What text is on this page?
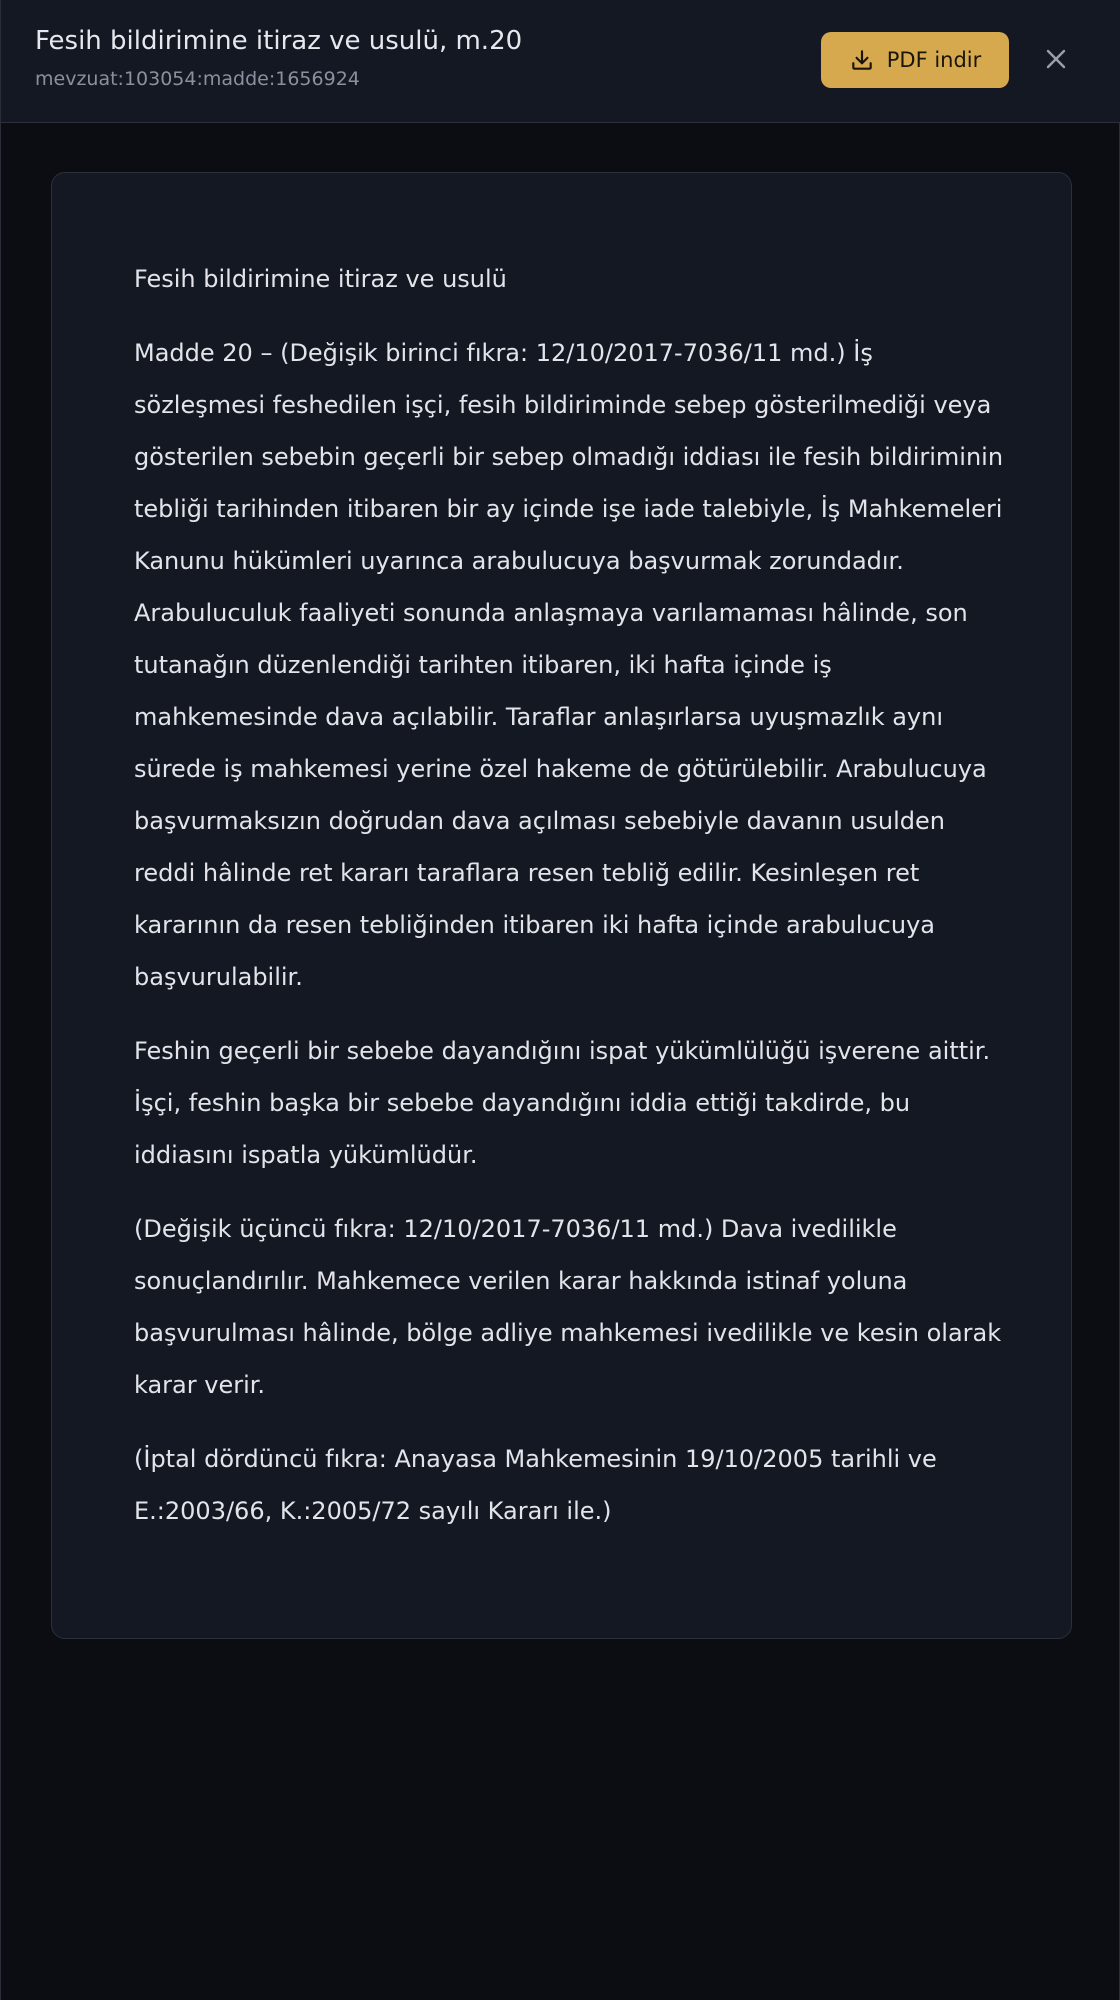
Fesih bildirimine itiraz ve usulü, m.20
mevzuat:103054:madde:1656924
PDF indir

Fesih bildirimine itiraz ve usulü

Madde 20 – (Değişik birinci fıkra: 12/10/2017-7036/11 md.) İş sözleşmesi feshedilen işçi, fesih bildiriminde sebep gösterilmediği veya gösterilen sebebin geçerli bir sebep olmadığı iddiası ile fesih bildiriminin tebliği tarihinden itibaren bir ay içinde işe iade talebiyle, İş Mahkemeleri Kanunu hükümleri uyarınca arabulucuya başvurmak zorundadır. Arabuluculuk faaliyeti sonunda anlaşmaya varılamaması hâlinde, son tutanağın düzenlendiği tarihten itibaren, iki hafta içinde iş mahkemesinde dava açılabilir. Taraflar anlaşırlarsa uyuşmazlık aynı sürede iş mahkemesi yerine özel hakeme de götürülebilir. Arabulucuya başvurmaksızın doğrudan dava açılması sebebiyle davanın usulden reddi hâlinde ret kararı taraflara resen tebliğ edilir. Kesinleşen ret kararının da resen tebliğinden itibaren iki hafta içinde arabulucuya başvurulabilir.

Feshin geçerli bir sebebe dayandığını ispat yükümlülüğü işverene aittir. İşçi, feshin başka bir sebebe dayandığını iddia ettiği takdirde, bu iddiasını ispatla yükümlüdür.

(Değişik üçüncü fıkra: 12/10/2017-7036/11 md.) Dava ivedilikle sonuçlandırılır. Mahkemece verilen karar hakkında istinaf yoluna başvurulması hâlinde, bölge adliye mahkemesi ivedilikle ve kesin olarak karar verir.

(İptal dördüncü fıkra: Anayasa Mahkemesinin 19/10/2005 tarihli ve E.:2003/66, K.:2005/72 sayılı Kararı ile.)
